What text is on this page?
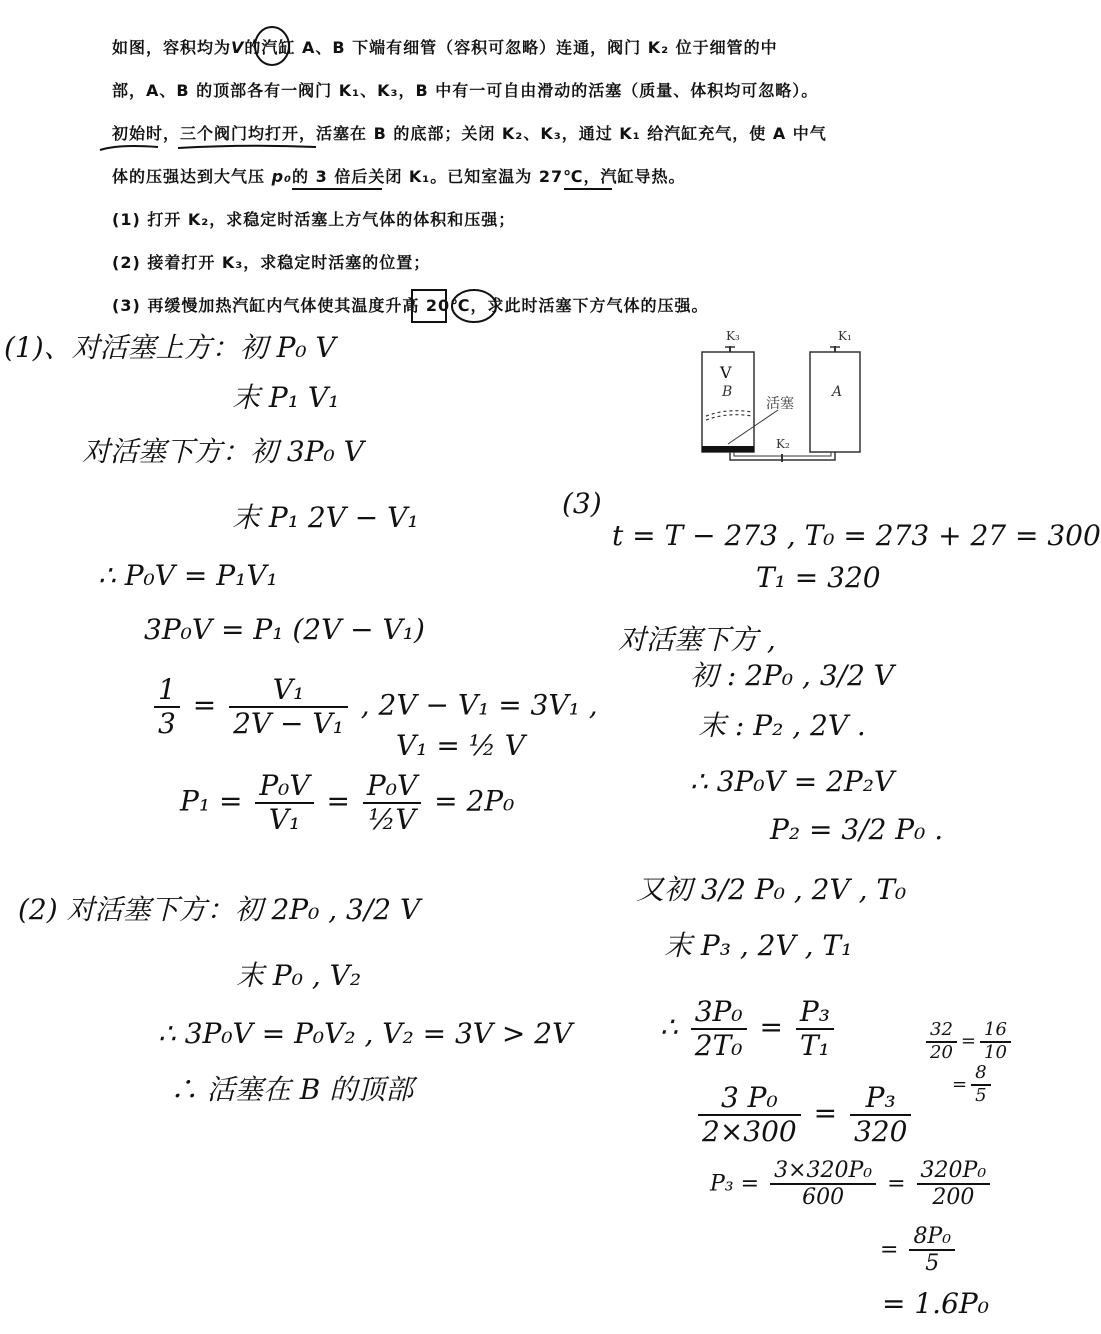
如图，容积均为V的汽缸 A、B 下端有细管（容积可忽略）连通，阀门 K₂ 位于细管的中
部，A、B 的顶部各有一阀门 K₁、K₃，B 中有一可自由滑动的活塞（质量、体积均可忽略）。
初始时，三个阀门均打开，活塞在 B 的底部；关闭 K₂、K₃，通过 K₁ 给汽缸充气，使 A 中气
体的压强达到大气压 p₀的 3 倍后关闭 K₁。已知室温为 27℃，汽缸导热。
(1) 打开 K₂，求稳定时活塞上方气体的体积和压强；
(2) 接着打开 K₃，求稳定时活塞的位置；
(3) 再缓慢加热汽缸内气体使其温度升高 20℃，求此时活塞下方气体的压强。
K₃	K₁
K₂
B	A
活塞
V
(1)、对活塞上方：初 P₀ V
末 P₁ V₁
对活塞下方：初 3P₀ V
末 P₁ 2V − V₁
∴ P₀V = P₁V₁
3P₀V = P₁ (2V − V₁)
$\frac{1}{3} = \frac{\text{V₁}}{\text{2V − V₁}}$ , 2V − V₁ = 3V₁ ,
V₁ = ½ V
$P_1 = \frac{\text{P₀V}}{\text{V₁}} = \frac{\text{P₀V}}{\text{½V}} = 2P_0$
(2) 对活塞下方：初 2P₀ , 3/2 V
末 P₀ , V₂
∴ 3P₀V = P₀V₂ , V₂ = 3V > 2V
∴ 活塞在 B 的顶部
(3)
t = T − 273 , T₀ = 273 + 27 = 300
T₁ = 320
对活塞下方 ,
初 : 2P₀ , 3/2 V
末 : P₂ , 2V .
∴ 3P₀V = 2P₂V
P₂ = 3/2 P₀ .
又初 3/2 P₀ , 2V , T₀
末 P₃ , 2V , T₁
∴ $\frac{\text{3P₀}}{\text{2T₀}} = \frac{\text{P₃}}{\text{T₁}}$
$\frac{\text{3 P₀}}{2\times 300} = \frac{\text{P₃}}{320}$
$P_3 = \frac{\text{3×320P₀}}{600} = \frac{\text{320P₀}}{200}$
= $\frac{\text{8P₀}}{5}$
= 1.6P₀
$\frac{32}{20} = \frac{16}{10}$

= $\frac{8}{5}$
